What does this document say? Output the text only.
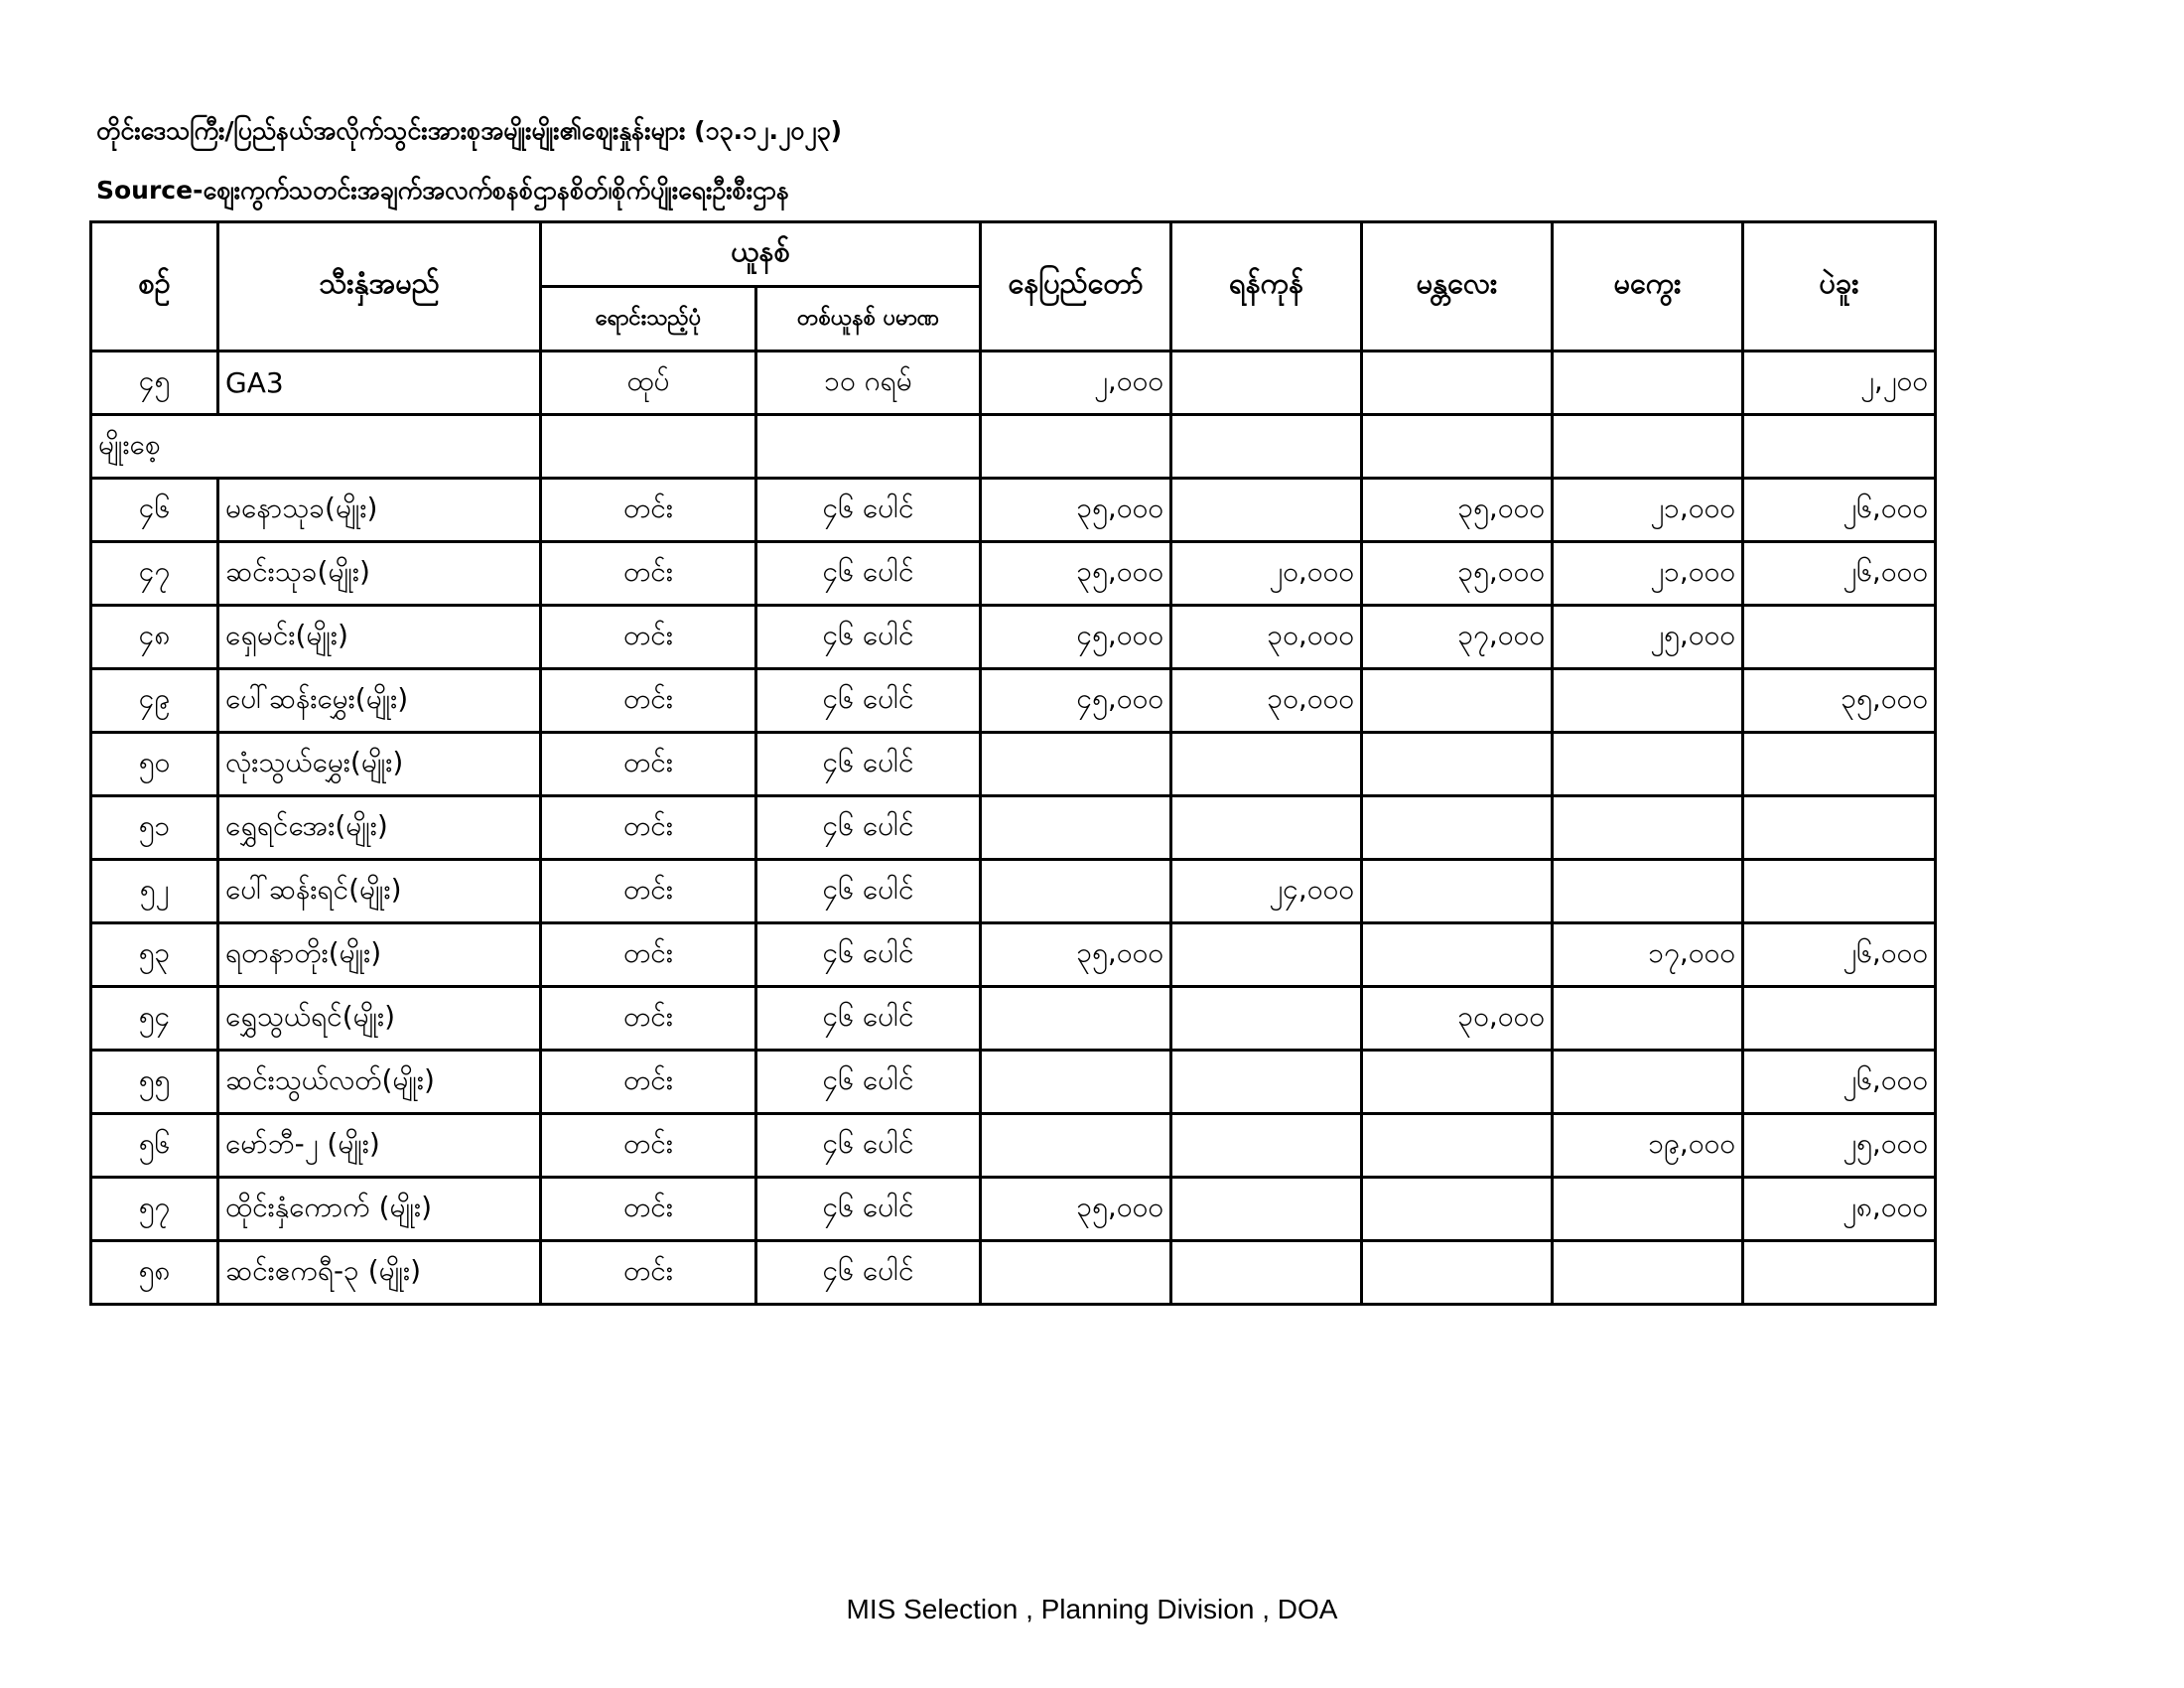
တိုင်းဒေသကြီး/ပြည်နယ်အလိုက်သွင်းအားစုအမျိုးမျိုး၏ဈေးနှုန်းများ (၁၃.၁၂.၂၀၂၃)
Source-ဈေးကွက်သတင်းအချက်အလက်စနစ်ဌာနစိတ်၊စိုက်ပျိုးရေးဦးစီးဌာန
စဉ်	သီးနှံအမည်	ယူနစ်		နေပြည်တော်	ရန်ကုန်	မန္တလေး	မကွေး	ပဲခူး
		ရောင်းသည့်ပုံ	တစ်ယူနစ် ပမာဏ					
၄၅	GA3	ထုပ်	၁၀ ဂရမ်	၂,၀၀၀				၂,၂၀၀
မျိုးစေ့								
၄၆	မနောသုခ(မျိုး)	တင်း	၄၆ ပေါင်	၃၅,၀၀၀		၃၅,၀၀၀	၂၁,၀၀၀	၂၆,၀၀၀
၄၇	ဆင်းသုခ(မျိုး)	တင်း	၄၆ ပေါင်	၃၅,၀၀၀	၂၀,၀၀၀	၃၅,၀၀၀	၂၁,၀၀၀	၂၆,၀၀၀
၄၈	ရှေမင်း(မျိုး)	တင်း	၄၆ ပေါင်	၄၅,၀၀၀	၃၀,၀၀၀	၃၇,၀၀၀	၂၅,၀၀၀	
၄၉	ပေါ်ဆန်းမွှေး(မျိုး)	တင်း	၄၆ ပေါင်	၄၅,၀၀၀	၃၀,၀၀၀			၃၅,၀၀၀
၅၀	လုံးသွယ်မွှေး(မျိုး)	တင်း	၄၆ ပေါင်					
၅၁	ရွှေရင်အေး(မျိုး)	တင်း	၄၆ ပေါင်					
၅၂	ပေါ်ဆန်းရင်(မျိုး)	တင်း	၄၆ ပေါင်		၂၄,၀၀၀			
၅၃	ရတနာတိုး(မျိုး)	တင်း	၄၆ ပေါင်	၃၅,၀၀၀			၁၇,၀၀၀	၂၆,၀၀၀
၅၄	ရွှေသွယ်ရင်(မျိုး)	တင်း	၄၆ ပေါင်			၃၀,၀၀၀		
၅၅	ဆင်းသွယ်လတ်(မျိုး)	တင်း	၄၆ ပေါင်					၂၆,၀၀၀
၅၆	မော်ဘီ-၂ (မျိုး)	တင်း	၄၆ ပေါင်				၁၉,၀၀၀	၂၅,၀၀၀
၅၇	ထိုင်းနှံကောက် (မျိုး)	တင်း	၄၆ ပေါင်	၃၅,၀၀၀				၂၈,၀၀၀
၅၈	ဆင်းဧကရီ-၃ (မျိုး)	တင်း	၄၆ ပေါင်					
MIS Selection , Planning Division , DOA
